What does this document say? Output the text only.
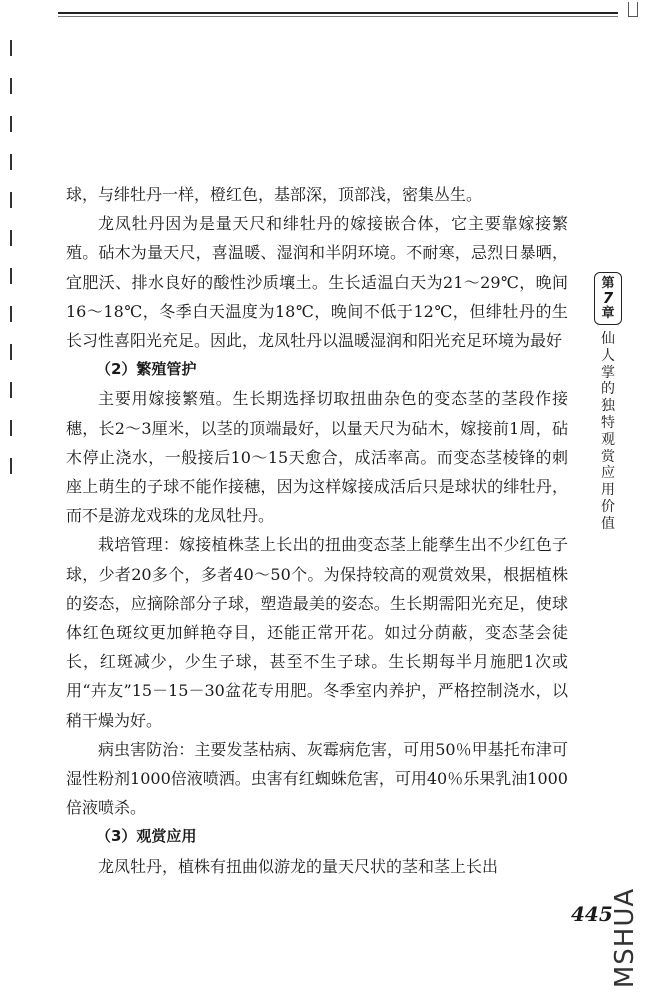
球，与绯牡丹一样，橙红色，基部深，顶部浅，密集丛生。

龙凤牡丹因为是量天尺和绯牡丹的嫁接嵌合体，它主要靠嫁接繁殖。砧木为量天尺，喜温暖、湿润和半阴环境。不耐寒，忌烈日暴晒，宜肥沃、排水良好的酸性沙质壤土。生长适温白天为21～29℃，晚间16～18℃，冬季白天温度为18℃，晚间不低于12℃，但绯牡丹的生长习性喜阳光充足。因此，龙凤牡丹以温暖湿润和阳光充足环境为最好

（2）繁殖管护

主要用嫁接繁殖。生长期选择切取扭曲杂色的变态茎的茎段作接穗，长2～3厘米，以茎的顶端最好，以量天尺为砧木，嫁接前1周，砧木停止浇水，一般接后10～15天愈合，成活率高。而变态茎棱锋的刺座上萌生的子球不能作接穗，因为这样嫁接成活后只是球状的绯牡丹，而不是游龙戏珠的龙凤牡丹。

栽培管理：嫁接植株茎上长出的扭曲变态茎上能孳生出不少红色子球，少者20多个，多者40～50个。为保持较高的观赏效果，根据植株的姿态，应摘除部分子球，塑造最美的姿态。生长期需阳光充足，使球体红色斑纹更加鲜艳夺目，还能正常开花。如过分荫蔽，变态茎会徒长，红斑减少，少生子球，甚至不生子球。生长期每半月施肥1次或用“卉友”15－15－30盆花专用肥。冬季室内养护，严格控制浇水，以稍干燥为好。

病虫害防治：主要发茎枯病、灰霉病危害，可用50％甲基托布津可湿性粉剂1000倍液喷洒。虫害有红蜘蛛危害，可用40％乐果乳油1000倍液喷杀。

（3）观赏应用

龙凤牡丹，植株有扭曲似游龙的量天尺状的茎和茎上长出

第
7
章
仙人掌的独特观赏应用价值
445
MSHUA
